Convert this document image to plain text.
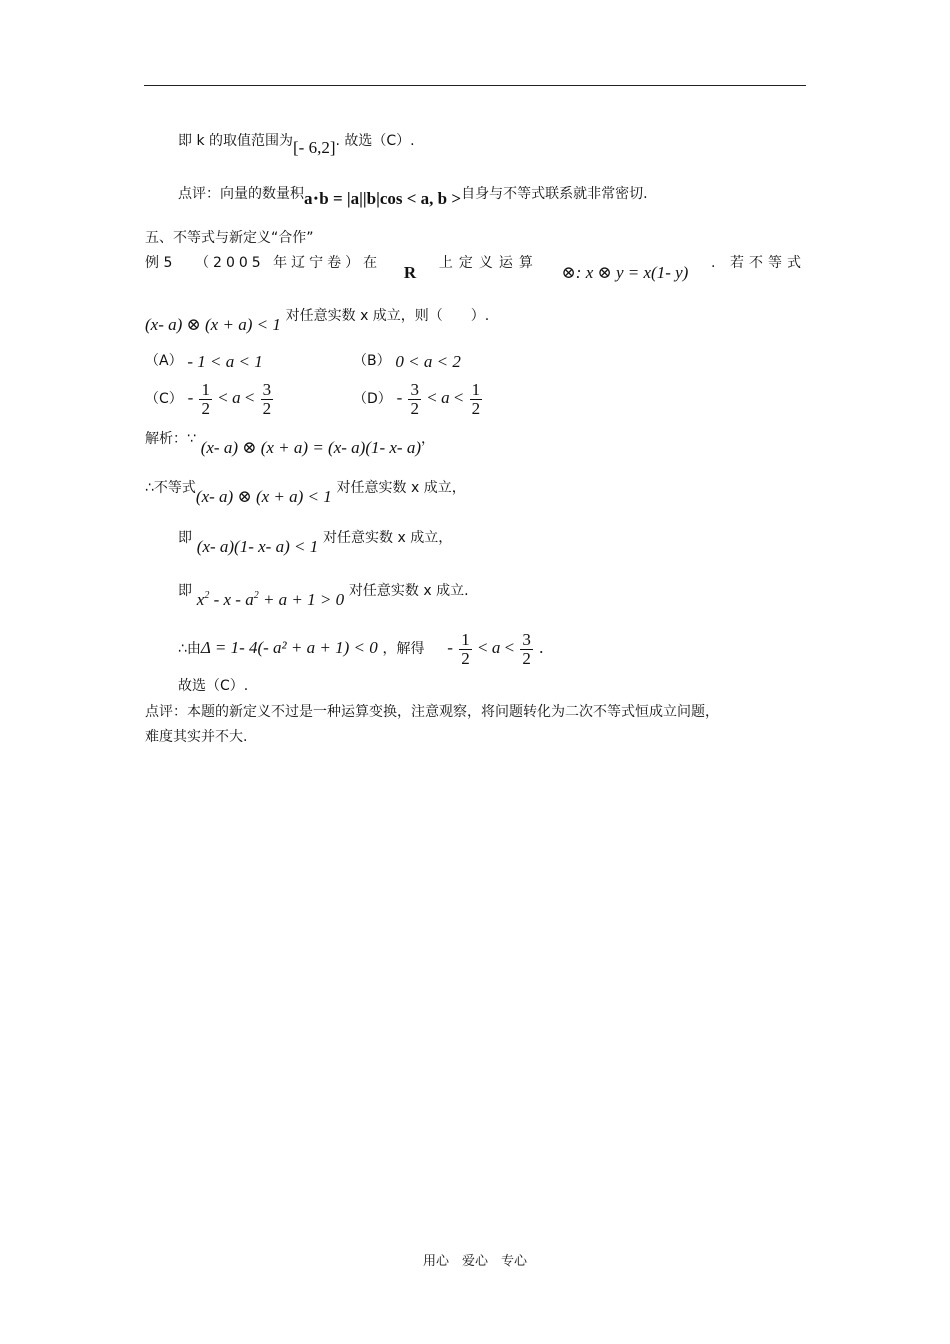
即 k 的取值范围为[- 6,2]. 故选（C）.
点评：向量的数量积a⋅b = |a||b|cos < a, b >自身与不等式联系就非常密切.
五、不等式与新定义“合作”
例 5 （2005 年辽宁卷）在 R 上定义运算 ⊗: x ⊗ y = x(1- y) . 若不等式
(x- a) ⊗ (x + a) < 1 对任意实数 x 成立，则（　　）.
（A） - 1 < a < 1	（B） 0 < a < 2
$(C) - \frac{1}{2} < a < \frac{3}{2}$	$(D) - \frac{3}{2} < a < \frac{1}{2}$
解析：∵ (x- a) ⊗ (x + a) = (x- a)(1- x- a)，
∴不等式(x- a) ⊗ (x + a) < 1 对任意实数 x 成立，
即 (x- a)(1- x- a) < 1 对任意实数 x 成立，
即 $x^2 - x - a^2 + a + 1 > 0$ 对任意实数 x 成立.
∴由Δ = 1- 4(- a² + a + 1) < 0 ，解得 - $\frac{1}{2} < a < \frac{3}{2}$ .
故选（C）.
点评：本题的新定义不过是一种运算变换，注意观察，将问题转化为二次不等式恒成立问题，
难度其实并不大.
用心　爱心　专心
